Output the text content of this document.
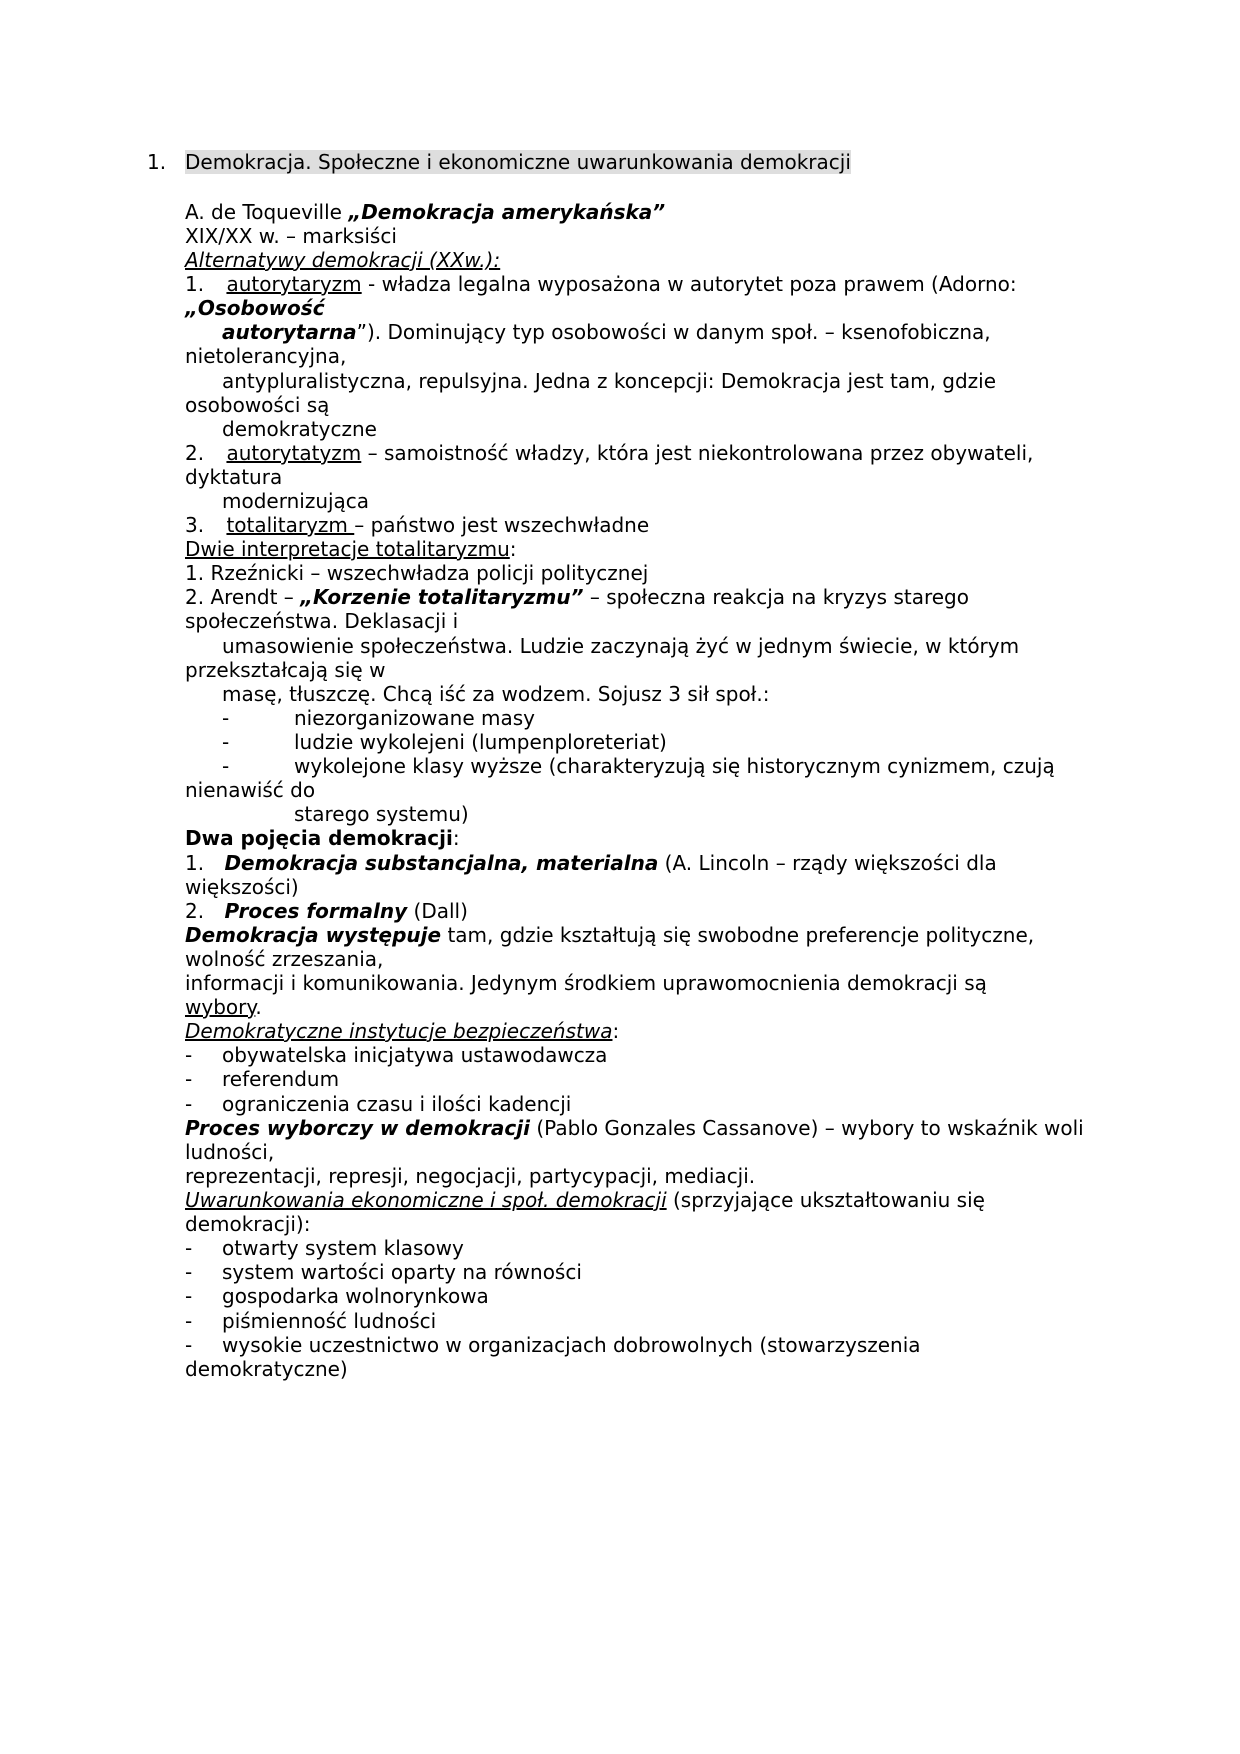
1. Demokracja. Społeczne i ekonomiczne uwarunkowania demokracji
A. de Toqueville „Demokracja amerykańska”
XIX/XX w. – marksiści
Alternatywy demokracji (XXw.):
1. autorytaryzm - władza legalna wyposażona w autorytet poza prawem (Adorno:
„Osobowość
autorytarna”). Dominujący typ osobowości w danym społ. – ksenofobiczna,
nietolerancyjna,
antypluralistyczna, repulsyjna. Jedna z koncepcji: Demokracja jest tam, gdzie
osobowości są
demokratyczne
2. autorytatyzm – samoistność władzy, która jest niekontrolowana przez obywateli,
dyktatura
modernizująca
3. totalitaryzm – państwo jest wszechwładne
Dwie interpretacje totalitaryzmu:
1. Rzeźnicki – wszechwładza policji politycznej
2. Arendt – „Korzenie totalitaryzmu” – społeczna reakcja na kryzys starego
społeczeństwa. Deklasacji i
umasowienie społeczeństwa. Ludzie zaczynają żyć w jednym świecie, w którym
przekształcają się w
masę, tłuszczę. Chcą iść za wodzem. Sojusz 3 sił społ.:
-	niezorganizowane masy
-	ludzie wykolejeni (lumpenploreteriat)
-	wykolejone klasy wyższe (charakteryzują się historycznym cynizmem, czują
nienawiść do
starego systemu)
Dwa pojęcia demokracji:
1. Demokracja substancjalna, materialna (A. Lincoln – rządy większości dla
większości)
2. Proces formalny (Dall)
Demokracja występuje tam, gdzie kształtują się swobodne preferencje polityczne,
wolność zrzeszania,
informacji i komunikowania. Jedynym środkiem uprawomocnienia demokracji są
wybory.
Demokratyczne instytucje bezpieczeństwa:
- obywatelska inicjatywa ustawodawcza
- referendum
- ograniczenia czasu i ilości kadencji
Proces wyborczy w demokracji (Pablo Gonzales Cassanove) – wybory to wskaźnik woli
ludności,
reprezentacji, represji, negocjacji, partycypacji, mediacji.
Uwarunkowania ekonomiczne i społ. demokracji (sprzyjające ukształtowaniu się
demokracji):
- otwarty system klasowy
- system wartości oparty na równości
- gospodarka wolnorynkowa
- piśmienność ludności
- wysokie uczestnictwo w organizacjach dobrowolnych (stowarzyszenia
demokratyczne)
